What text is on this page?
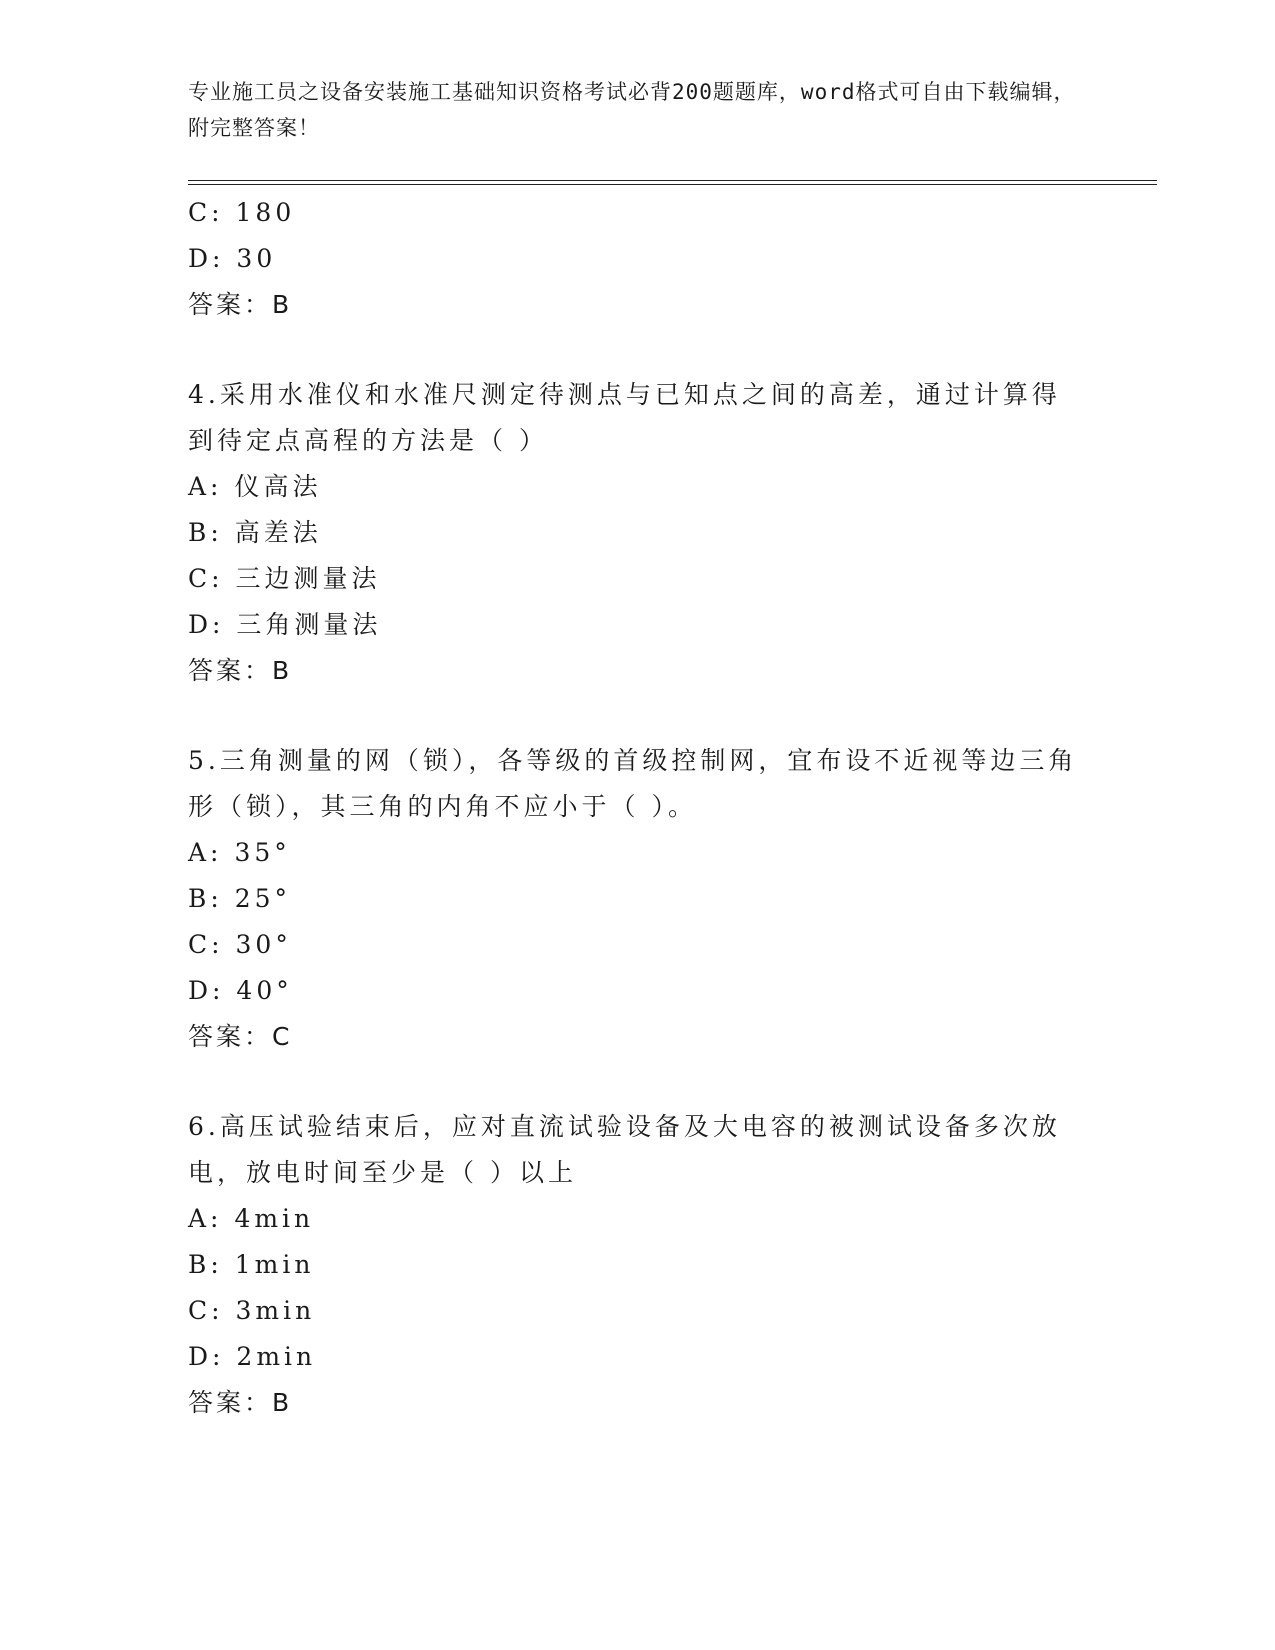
专业施工员之设备安装施工基础知识资格考试必背200题题库，word格式可自由下载编辑，附完整答案！
C: 180
D: 30
答案：B
4.采用水准仪和水准尺测定待测点与已知点之间的高差，通过计算得到待定点高程的方法是（ ）
A: 仪高法
B: 高差法
C: 三边测量法
D: 三角测量法
答案：B
5.三角测量的网（锁），各等级的首级控制网，宜布设不近视等边三角形（锁），其三角的内角不应小于（ ）。
A: 35°
B: 25°
C: 30°
D: 40°
答案：C
6.高压试验结束后，应对直流试验设备及大电容的被测试设备多次放电，放电时间至少是（ ）以上
A: 4min
B: 1min
C: 3min
D: 2min
答案：B
